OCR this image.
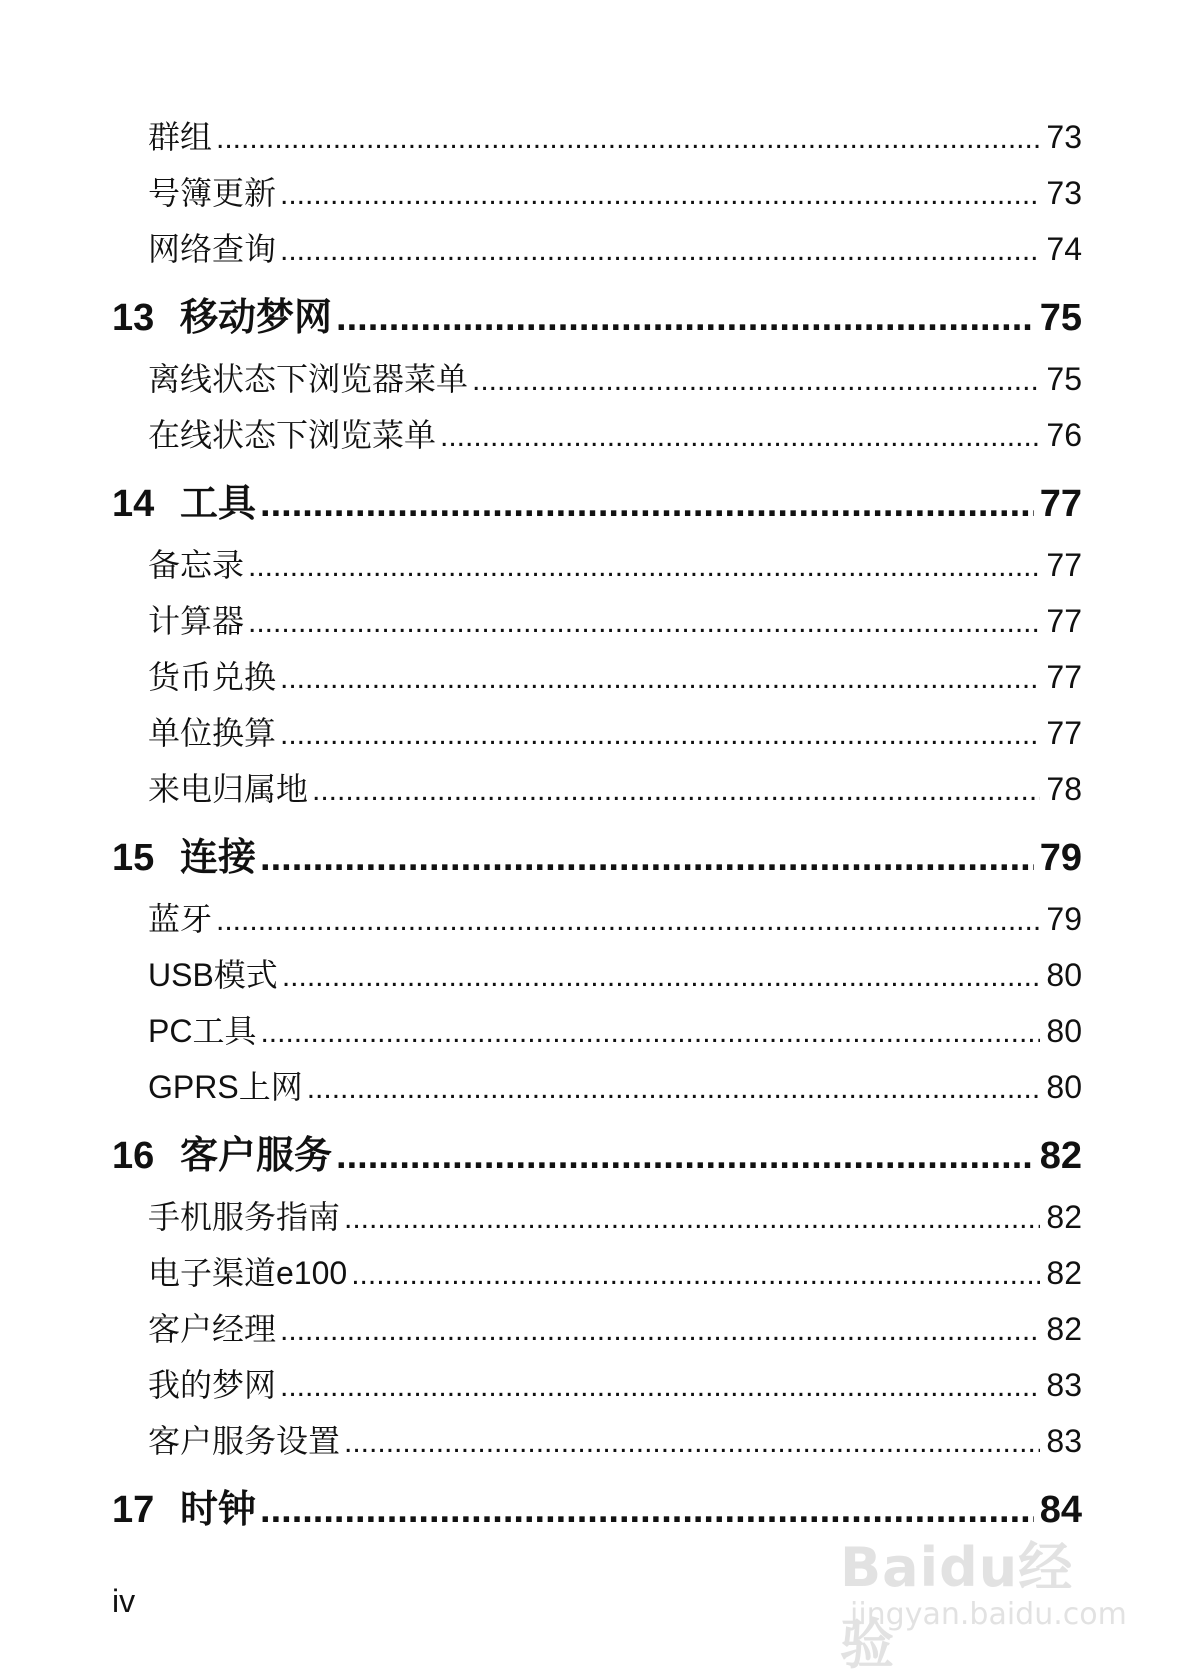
群组 .....	73
号簿更新 .....	73
网络查询 .....	74
13 移动梦网 .....	75
离线状态下浏览器菜单 .....	75
在线状态下浏览菜单 .....	76
14 工具 .....	77
备忘录 .....	77
计算器 .....	77
货币兑换 .....	77
单位换算 .....	77
来电归属地 .....	78
15 连接 .....	79
蓝牙 .....	79
USB模式 .....	80
PC工具 .....	80
GPRS上网 .....	80
16 客户服务 .....	82
手机服务指南 .....	82
电子渠道e100 .....	82
客户经理 .....	82
我的梦网 .....	83
客户服务设置 .....	83
17 时钟 .....	84
iv
Baidu经验
jingyan.baidu.com
